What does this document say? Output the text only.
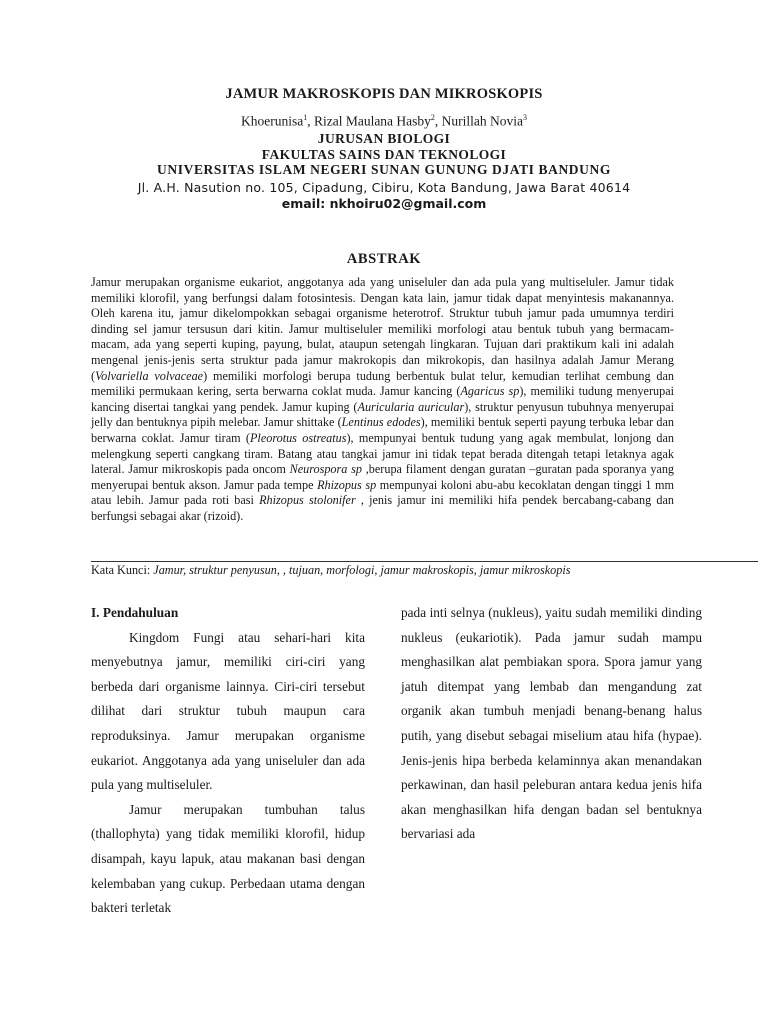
JAMUR MAKROSKOPIS DAN MIKROSKOPIS
Khoerunisa$^1$, Rizal Maulana Hasby$^2$, Nurillah Novia$^3$
JURUSAN BIOLOGI
FAKULTAS SAINS DAN TEKNOLOGI
UNIVERSITAS ISLAM NEGERI SUNAN GUNUNG DJATI BANDUNG
Jl. A.H. Nasution no. 105, Cipadung, Cibiru, Kota Bandung, Jawa Barat 40614
email: nkhoiru02@gmail.com
ABSTRAK
Jamur merupakan organisme eukariot, anggotanya ada yang uniseluler dan ada pula yang multiseluler. Jamur tidak memiliki klorofil, yang berfungsi dalam fotosintesis. Dengan kata lain, jamur tidak dapat menyintesis makanannya. Oleh karena itu, jamur dikelompokkan sebagai organisme heterotrof. Struktur tubuh jamur pada umumnya terdiri dinding sel jamur tersusun dari kitin. Jamur multiseluler memiliki morfologi atau bentuk tubuh yang bermacam-macam, ada yang seperti kuping, payung, bulat, ataupun setengah lingkaran. Tujuan dari praktikum kali ini adalah mengenal jenis-jenis serta struktur pada jamur makrokopis dan mikrokopis, dan hasilnya adalah Jamur Merang (Volvariella volvaceae) memiliki morfologi berupa tudung berbentuk bulat telur, kemudian terlihat cembung dan memiliki permukaan kering, serta berwarna coklat muda. Jamur kancing (Agaricus sp), memiliki tudung menyerupai kancing disertai tangkai yang pendek. Jamur kuping (Auricularia auricular), struktur penyusun tubuhnya menyerupai jelly dan bentuknya pipih melebar. Jamur shittake (Lentinus edodes), memiliki bentuk seperti payung terbuka lebar dan berwarna coklat. Jamur tiram (Pleorotus ostreatus), mempunyai bentuk tudung yang agak membulat, lonjong dan melengkung seperti cangkang tiram. Batang atau tangkai jamur ini tidak tepat berada ditengah tetapi letaknya agak lateral. Jamur mikroskopis pada oncom Neurospora sp ,berupa filament dengan guratan –guratan pada sporanya yang menyerupai bentuk akson. Jamur pada tempe Rhizopus sp mempunyai koloni abu-abu kecoklatan dengan tinggi 1 mm atau lebih. Jamur pada roti basi Rhizopus stolonifer , jenis jamur ini memiliki hifa pendek bercabang-cabang dan berfungsi sebagai akar (rizoid).
Kata Kunci: Jamur, struktur penyusun, , tujuan, morfologi, jamur makroskopis, jamur mikroskopis

I. Pendahuluan

Kingdom Fungi atau sehari-hari kita menyebutnya jamur, memiliki ciri-ciri yang berbeda dari organisme lainnya. Ciri-ciri tersebut dilihat dari struktur tubuh maupun cara reproduksinya. Jamur merupakan organisme eukariot. Anggotanya ada yang uniseluler dan ada pula yang multiseluler.

Jamur merupakan tumbuhan talus (thallophyta) yang tidak memiliki klorofil, hidup disampah, kayu lapuk, atau makanan basi dengan kelembaban yang cukup. Perbedaan utama dengan bakteri terletak

pada inti selnya (nukleus), yaitu sudah memiliki dinding nukleus (eukariotik). Pada jamur sudah mampu menghasilkan alat pembiakan spora. Spora jamur yang jatuh ditempat yang lembab dan mengandung zat organik akan tumbuh menjadi benang-benang halus putih, yang disebut sebagai miselium atau hifa (hypae). Jenis-jenis hipa berbeda kelaminnya akan menandakan perkawinan, dan hasil peleburan antara kedua jenis hifa akan menghasilkan hifa dengan badan sel bentuknya bervariasi ada
